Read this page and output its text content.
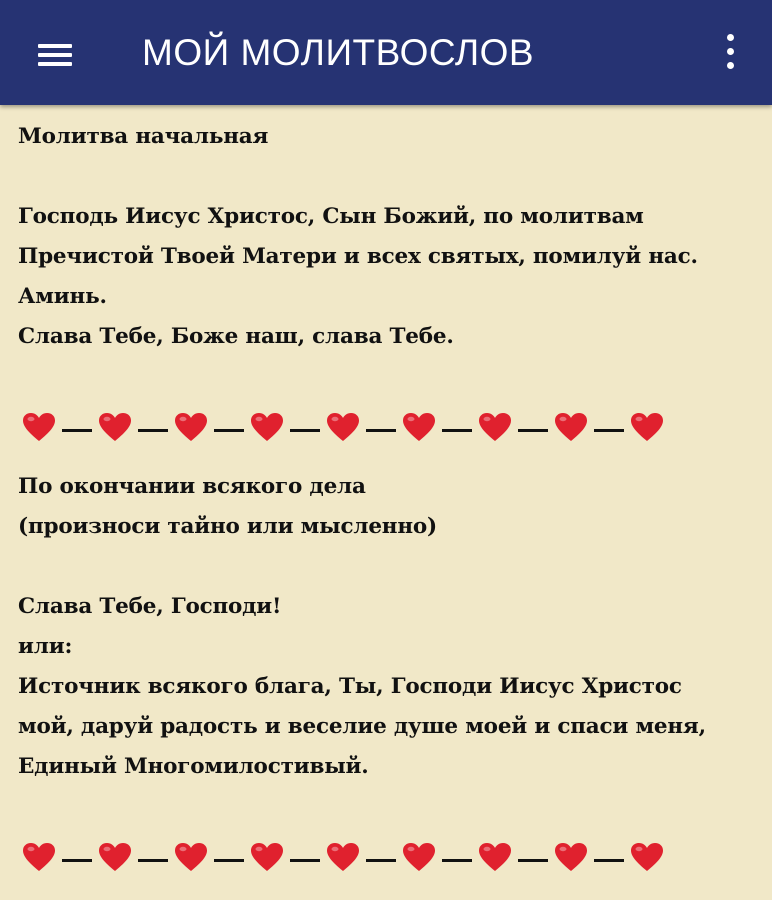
МОЙ МОЛИТВОСЛОВ
Молитва начальная
Господь Иисус Христос, Сын Божий, по молитвам
Пречистой Твоей Матери и всех святых, помилуй нас.
Аминь.
Слава Тебе, Боже наш, слава Тебе.
По окончании всякого дела
(произноси тайно или мысленно)
Слава Тебе, Господи!
или:
Источник всякого блага, Ты, Господи Иисус Христос
мой, даруй радость и веселие душе моей и спаси меня,
Единый Многомилостивый.
